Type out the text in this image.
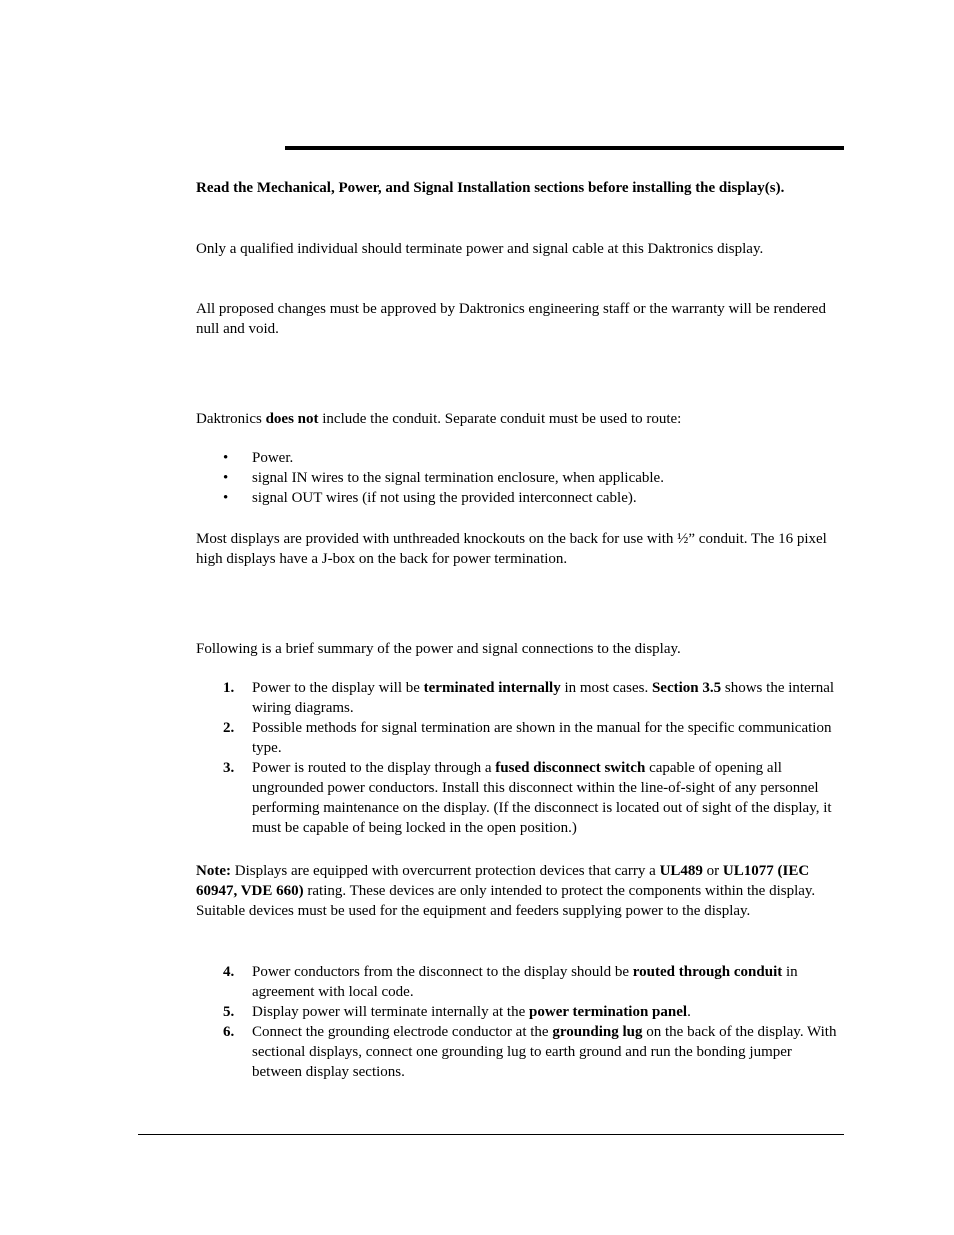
Read the Mechanical, Power, and Signal Installation sections before installing the display(s).

Only a qualified individual should terminate power and signal cable at this Daktronics display.

All proposed changes must be approved by Daktronics engineering staff or the warranty will be rendered null and void.

Daktronics does not include the conduit. Separate conduit must be used to route:

• Power.
• signal IN wires to the signal termination enclosure, when applicable.
• signal OUT wires (if not using the provided interconnect cable).

Most displays are provided with unthreaded knockouts on the back for use with ½” conduit. The 16 pixel high displays have a J-box on the back for power termination.

Following is a brief summary of the power and signal connections to the display.

1. Power to the display will be terminated internally in most cases. Section 3.5 shows the internal wiring diagrams.
2. Possible methods for signal termination are shown in the manual for the specific communication type.
3. Power is routed to the display through a fused disconnect switch capable of opening all ungrounded power conductors. Install this disconnect within the line-of-sight of any personnel performing maintenance on the display. (If the disconnect is located out of sight of the display, it must be capable of being locked in the open position.)

Note: Displays are equipped with overcurrent protection devices that carry a UL489 or UL1077 (IEC 60947, VDE 660) rating. These devices are only intended to protect the components within the display. Suitable devices must be used for the equipment and feeders supplying power to the display.

4. Power conductors from the disconnect to the display should be routed through conduit in agreement with local code.
5. Display power will terminate internally at the power termination panel.
6. Connect the grounding electrode conductor at the grounding lug on the back of the display. With sectional displays, connect one grounding lug to earth ground and run the bonding jumper between display sections.
